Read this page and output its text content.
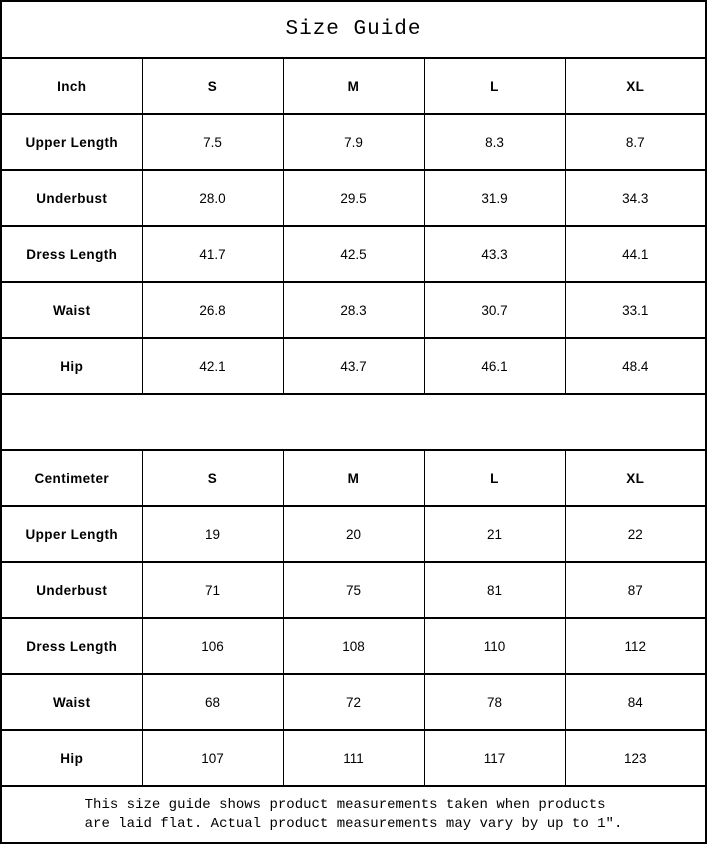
Size Guide				
Inch	S	M	L	XL
Upper Length	7.5	7.9	8.3	8.7
Underbust	28.0	29.5	31.9	34.3
Dress Length	41.7	42.5	43.3	44.1
Waist	26.8	28.3	30.7	33.1
Hip	42.1	43.7	46.1	48.4

Centimeter	S	M	L	XL
Upper Length	19	20	21	22
Underbust	71	75	81	87
Dress Length	106	108	110	112
Waist	68	72	78	84
Hip	107	111	117	123

This size guide shows product measurements taken when products
are laid flat. Actual product measurements may vary by up to 1″.				
